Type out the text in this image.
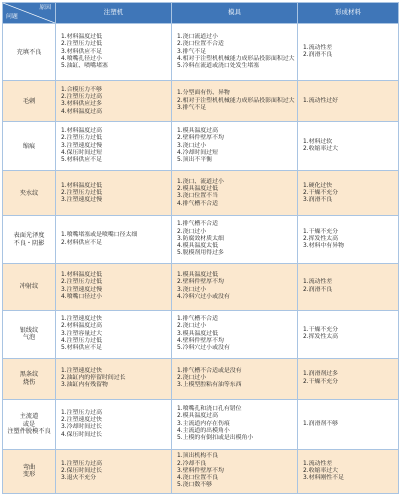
原因
问题	注塑机	模具	形成材料

充填不良	1.材料温度过低
2.注塑压力过低
3.材料供应不足
4.喷嘴孔径过小
5.油缸、喷嘴堵塞	1.浇口流道过小
2.浇口位置不合适
3.排气不足
4.相对于注塑机机械能力成形品投影面积过大
5.冷料在流道或浇口处发生堵塞	1.流动性差
2.润滑不良

毛刺	1.合模压力不够
2.注塑压力过高
3.材料供应过多
4.材料温度过高	1.分型面有伤、异物
2.相对于注塑机机械能力成形品投影面积过大
3.排气不足	1.流动性过好

缩痕	1.材料温度过高
2.注塑压力过低
3.注塑速度过慢
4.保压时间过短
5.材料供应不足	1.模具温度过高
2.壁料件壁厚不均
3.浇口过小
4.冷却时间过短
5.顶出不平衡	1.材料过软
2.收缩率过大

夹水纹	1.材料温度过低
2.注塑压力过低
3.注塑速度过慢	1.浇口、流道过小
2.模具温度过低
3.浇口位置不当
4.排气槽不合适	1.硬化过快
2.干燥不充分
3.润滑不良

表面光泽度
不良・阴影	1.喷嘴堵塞或是喷嘴口径太细
2.材料供应不足	1.排气槽不合适
2.浇口过小
3.防腐效材质太细
4.模具温度太低
5.脱模剂用得过多	1.干燥不充分
2.挥发性太高
3.材料中有异物

冲射纹	1.材料温度过低
2.注塑压力过低
3.注塑速度过慢
4.喷嘴口径过小	1.模具温度过低
2.壁料件壁厚不均
3.浇口过小
4.冷料穴过小或没有	1.流动性差
2.润滑不良

银线纹
气泡	1.注塑速度过快
2.材料温度过高
3.注塑容量过大
4.注塑压力过低
5.材料供应不足	1.排气槽不合适
2.浇口过小
3.模具温度过低
4.壁料件壁厚不均
5.冷料穴过小或没有	1.干燥不充分
2.挥发性太高

黑条纹
烧伤	1.注塑速度过快
2.油缸内的停留时间过长
3.油缸内有残留物	1.排气槽不合适或是没有
2.浇口过小
3.上模型腔粘有油等东西	1.润滑剂过多
2.干燥不充分

主流道
或是
注塑件脱模不良	1.注塑压力过高
2.注塑速度过快
3.冷却时间过长
4.保压时间过长	1.喷嘴孔和浇口孔有错位
2.模具温度过高
3.主流道内存在伤痕
4.主流道的出模角小
5.上模的有倒扣或是出模角小	1.润滑剂不够

弯曲
变形	1.注塑压力过高
2.保压时间过长
3.退火不充分	1.顶出机构不良
2.冷却不良
3.壁料件壁厚不均
4.浇口位置不良
5.浇口数不够	1.流动性差
2.收缩率过大
3.材料刚性不足
